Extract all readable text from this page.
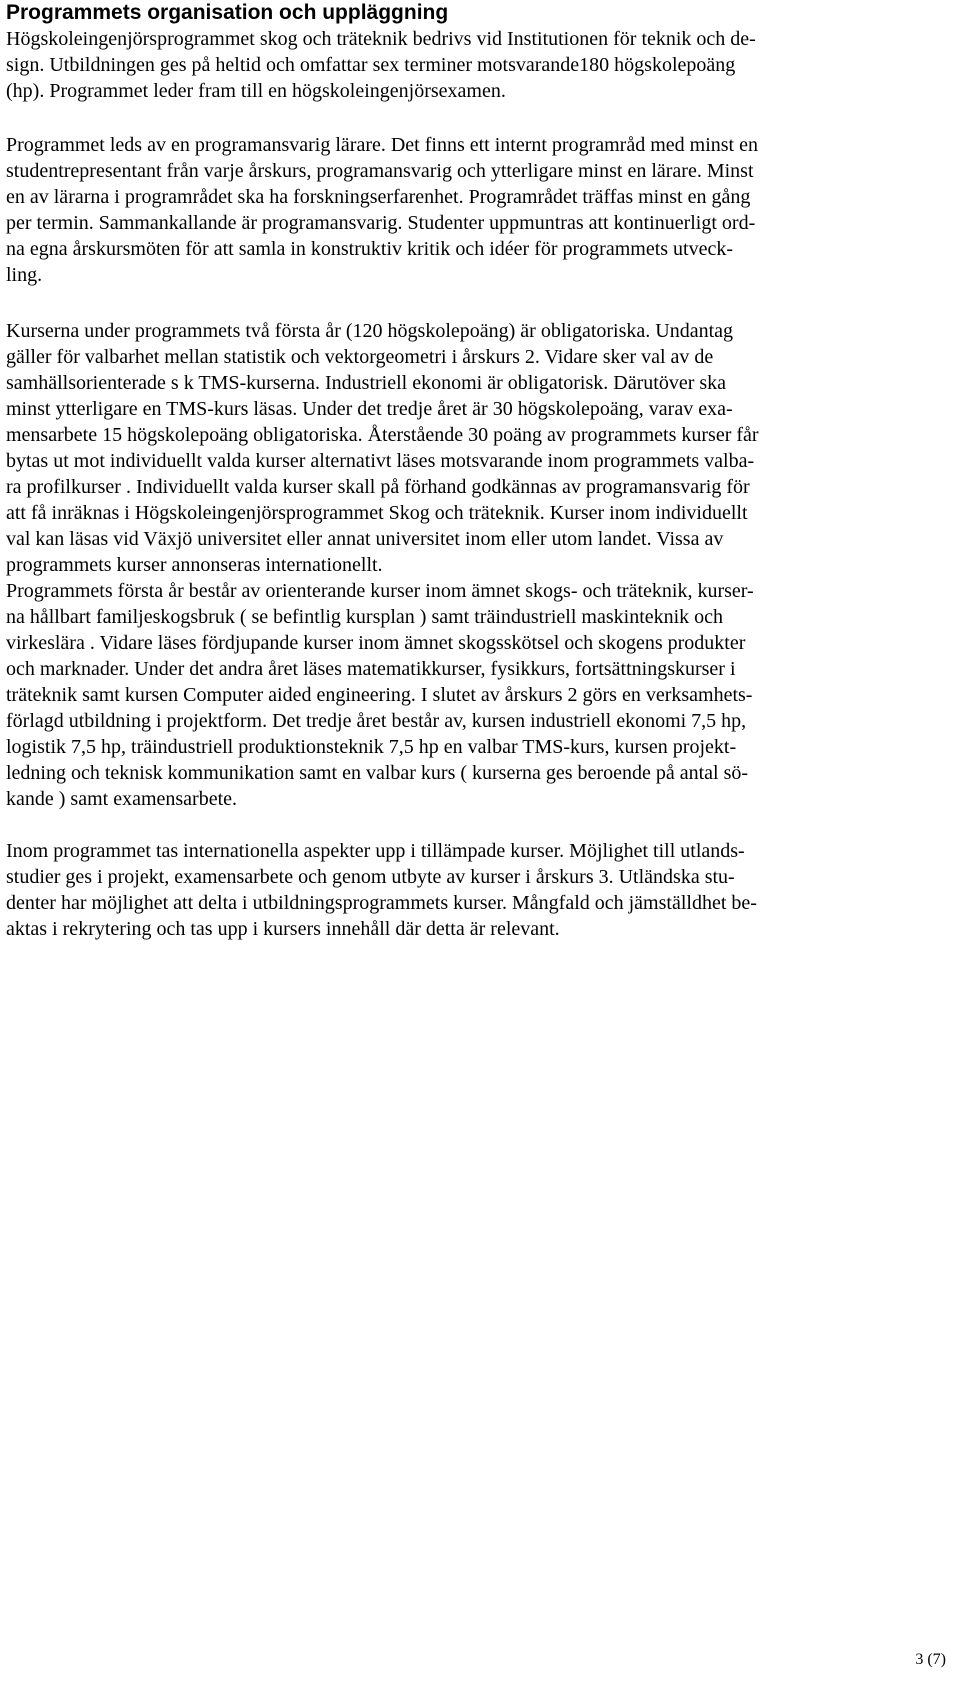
Programmets organisation och uppläggning
Högskoleingenjörsprogrammet skog och träteknik bedrivs vid Institutionen för teknik och de-
sign. Utbildningen ges på heltid och omfattar sex terminer motsvarande180 högskolepoäng
(hp). Programmet leder fram till en högskoleingenjörsexamen.
Programmet leds av en programansvarig lärare. Det finns ett internt programråd med minst en
studentrepresentant från varje årskurs, programansvarig och ytterligare minst en lärare. Minst
en av lärarna i programrådet ska ha forskningserfarenhet. Programrådet träffas minst en gång
per termin. Sammankallande är programansvarig. Studenter uppmuntras att kontinuerligt ord-
na egna årskursmöten för att samla in konstruktiv kritik och idéer för programmets utveck-
ling.
Kurserna under programmets två första år (120 högskolepoäng) är obligatoriska. Undantag
gäller för valbarhet mellan statistik och vektorgeometri i årskurs 2. Vidare sker val av de
samhällsorienterade s k TMS-kurserna. Industriell ekonomi är obligatorisk. Därutöver ska
minst ytterligare en TMS-kurs läsas. Under det tredje året är 30 högskolepoäng, varav exa-
mensarbete 15 högskolepoäng obligatoriska. Återstående 30 poäng av programmets kurser får
bytas ut mot individuellt valda kurser alternativt läses motsvarande inom programmets valba-
ra profilkurser . Individuellt valda kurser skall på förhand godkännas av programansvarig för
att få inräknas i Högskoleingenjörsprogrammet Skog och träteknik. Kurser inom individuellt
val kan läsas vid Växjö universitet eller annat universitet inom eller utom landet. Vissa av
programmets kurser annonseras internationellt.
Programmets första år består av orienterande kurser inom ämnet skogs- och träteknik, kurser-
na hållbart familjeskogsbruk ( se befintlig kursplan ) samt träindustriell maskinteknik och
virkeslära . Vidare läses fördjupande kurser inom ämnet skogsskötsel och skogens produkter
och marknader. Under det andra året läses matematikkurser, fysikkurs, fortsättningskurser i
träteknik samt kursen Computer aided engineering. I slutet av årskurs 2 görs en verksamhets-
förlagd utbildning i projektform. Det tredje året består av, kursen industriell ekonomi 7,5 hp,
logistik 7,5 hp, träindustriell produktionsteknik 7,5 hp en valbar TMS-kurs, kursen projekt-
ledning och teknisk kommunikation samt en valbar kurs ( kurserna ges beroende på antal sö-
kande ) samt examensarbete.
Inom programmet tas internationella aspekter upp i tillämpade kurser. Möjlighet till utlands-
studier ges i projekt, examensarbete och genom utbyte av kurser i årskurs 3. Utländska stu-
denter har möjlighet att delta i utbildningsprogrammets kurser. Mångfald och jämställdhet be-
aktas i rekrytering och tas upp i kursers innehåll där detta är relevant.
3 (7)
